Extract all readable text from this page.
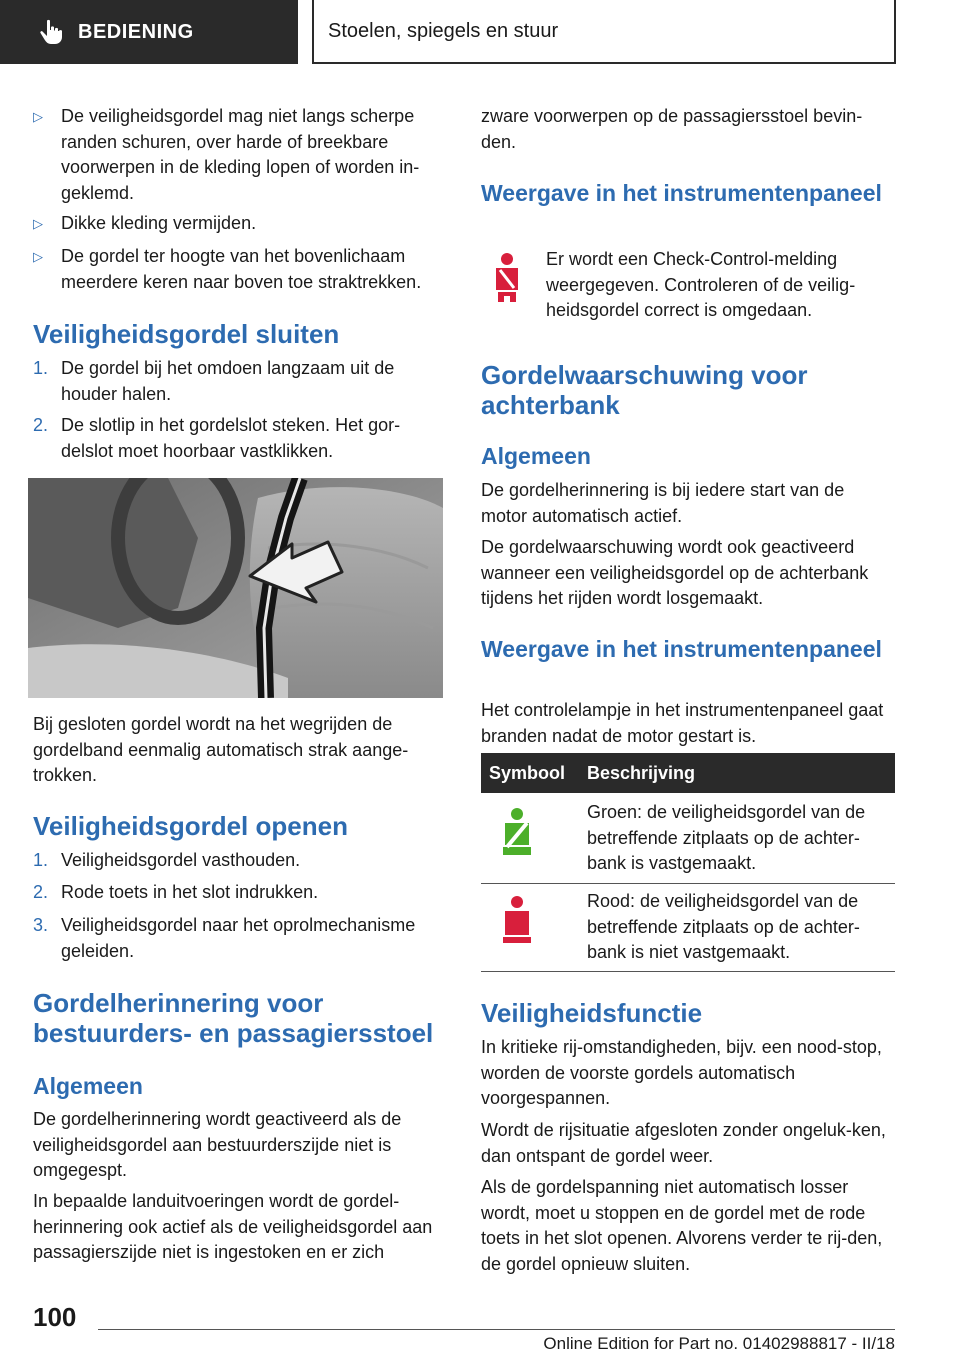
BEDIENING	Stoelen, spiegels en stuur
▷ De veiligheidsgordel mag niet langs scherpe randen schuren, over harde of breekbare voorwerpen in de kleding lopen of worden in-geklemd.
▷ Dikke kleding vermijden.
▷ De gordel ter hoogte van het bovenlichaam meerdere keren naar boven toe straktrekken.
Veiligheidsgordel sluiten
1. De gordel bij het omdoen langzaam uit de houder halen.
2. De slotlip in het gordelslot steken. Het gor-delslot moet hoorbaar vastklikken.
Bij gesloten gordel wordt na het wegrijden de gordelband eenmalig automatisch strak aange-trokken.
Veiligheidsgordel openen
1. Veiligheidsgordel vasthouden.
2. Rode toets in het slot indrukken.
3. Veiligheidsgordel naar het oprolmechanisme geleiden.
Gordelherinnering voor bestuurders- en passagiersstoel
Algemeen
De gordelherinnering wordt geactiveerd als de veiligheidsgordel aan bestuurderszijde niet is omgegespt.
In bepaalde landuitvoeringen wordt de gordel-herinnering ook actief als de veiligheidsgordel aan passagierszijde niet is ingestoken en er zich
zware voorwerpen op de passagiersstoel bevin-den.
Weergave in het instrumentenpaneel
Er wordt een Check-Control-melding weergegeven. Controleren of de veilig-heidsgordel correct is omgedaan.
Gordelwaarschuwing voor achterbank
Algemeen
De gordelherinnering is bij iedere start van de motor automatisch actief.
De gordelwaarschuwing wordt ook geactiveerd wanneer een veiligheidsgordel op de achterbank tijdens het rijden wordt losgemaakt.
Weergave in het instrumentenpaneel
Het controlelampje in het instrumentenpaneel gaat branden nadat de motor gestart is.
Symbool Beschrijving
Groen: de veiligheidsgordel van de betreffende zitplaats op de achter-bank is vastgemaakt.
Rood: de veiligheidsgordel van de betreffende zitplaats op de achter-bank is niet vastgemaakt.
Veiligheidsfunctie
In kritieke rij-omstandigheden, bijv. een nood-stop, worden de voorste gordels automatisch voorgespannen.
Wordt de rijsituatie afgesloten zonder ongeluk-ken, dan ontspant de gordel weer.
Als de gordelspanning niet automatisch losser wordt, moet u stoppen en de gordel met de rode toets in het slot openen. Alvorens verder te rij-den, de gordel opnieuw sluiten.
100
Online Edition for Part no. 01402988817 - II/18
